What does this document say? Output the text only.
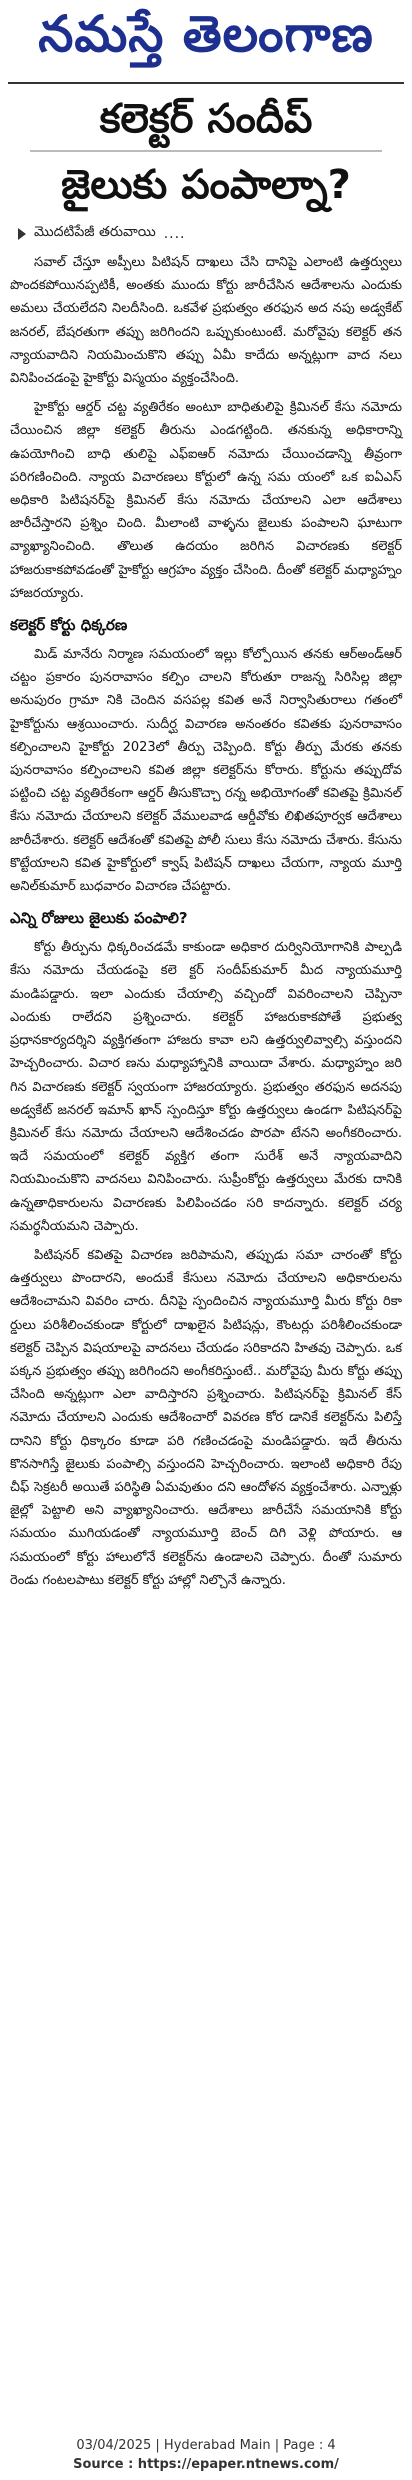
నమస్తే తెలంగాణ
కలెక్టర్ సందీప్
జైలుకు పంపాల్నా?
మొదటిపేజీ తరువాయి ....

సవాల్ చేస్తూ అప్పీలు పిటిషన్ దాఖలు చేసి దానిపై ఎలాంటి ఉత్తర్వులు పొందకపోయినప్పటికీ, అంతకు ముందు కోర్టు జారీచేసిన ఆదేశాలను ఎందుకు అమలు చేయలేదని నిలదీసింది. ఒకవేళ ప్రభుత్వం తరఫున అద నపు అడ్వకేట్ జనరల్, బేషరతుగా తప్పు జరిగిందని ఒప్పుకుంటుంటే. మరోవైపు కలెక్టర్ తన న్యాయవాదిని నియమించుకొని తప్పు ఏమీ కాదేదు అన్నట్లుగా వాద నలు వినిపించడంపై హైకోర్టు విస్మయం వ్యక్తంచేసింది.

హైకోర్టు ఆర్డర్ చట్ట వ్యతిరేకం అంటూ బాధితులిపై క్రిమినల్ కేసు నమోదు చేయించిన జిల్లా కలెక్టర్ తీరును ఎండగట్టింది. తనకున్న అధికారాన్ని ఉపయోగించి బాధి తులిపై ఎఫ్ఐఆర్ నమోదు చేయించడాన్ని తీవ్రంగా పరిగణించింది. న్యాయ విచారణలు కోర్టులో ఉన్న సమ యంలో ఒక ఐఏఎస్ అధికారి పిటిషనర్‌పై క్రిమినల్ కేసు నమోదు చేయాలని ఎలా ఆదేశాలు జారీచేస్తారని ప్రశ్నిం చింది. మీలాంటి వాళ్ళను జైలుకు పంపాలని ఘాటుగా వ్యాఖ్యానించింది. తొలుత ఉదయం జరిగిన విచారణకు కలెక్టర్ హాజరుకాకపోవడంతో హైకోర్టు ఆగ్రహం వ్యక్తం చేసింది. దీంతో కలెక్టర్ మధ్యాహ్నం హాజరయ్యారు.

కలెక్టర్ కోర్టు ధిక్కరణ

మిడ్ మానేరు నిర్మాణ సమయంలో ఇల్లు కోల్పోయిన తనకు ఆర్‌అండ్‌ఆర్ చట్టం ప్రకారం పునరావాసం కల్పిం చాలని కోరుతూ రాజన్న సిరిసిల్ల జిల్లా అనుపురం గ్రామా నికి చెందిన వసపల్ల కవిత అనే నిర్వాసితురాలు గతంలో హైకోర్టును ఆశ్రయించారు. సుదీర్ఘ విచారణ అనంతరం కవితకు పునరావాసం కల్పించాలని హైకోర్టు 2023లో తీర్పు చెప్పింది. కోర్టు తీర్పు మేరకు తనకు పునరావాసం కల్పించాలని కవిత జిల్లా కలెక్టర్‌ను కోరారు. కోర్టును తప్పుదోవ పట్టించి చట్ట వ్యతిరేకంగా ఆర్డర్ తీసుకొచ్చా రన్న అభియోగంతో కవితపై క్రిమినల్ కేసు నమోదు చేయాలని కలెక్టర్ వేములవాడ ఆర్డీవోకు లిఖితపూర్వక ఆదేశాలు జారీచేశారు. కలెక్టర్ ఆదేశంతో కవితపై పోలీ సులు కేసు నమోదు చేశారు. కేసును కొట్టేయాలని కవిత హైకోర్టులో క్వాష్ పిటిషన్ దాఖలు చేయగా, న్యాయ మూర్తి అనిల్‌కుమార్ బుధవారం విచారణ చేపట్టారు.

ఎన్ని రోజులు జైలుకు పంపాలి?

కోర్టు తీర్పును ధిక్కరించడమే కాకుండా అధికార దుర్వినియోగానికి పాల్పడి కేసు నమోదు చేయడంపై కలె క్టర్ సందీప్‌కుమార్ మీద న్యాయమూర్తి మండిపడ్డారు. ఇలా ఎందుకు చేయాల్సి వచ్చిందో వివరించాలని చెప్పినా ఎందుకు రాలేదని ప్రశ్నించారు. కలెక్టర్ హాజరుకాకపోతే ప్రభుత్వ ప్రధానకార్యదర్శిని వ్యక్తిగతంగా హాజరు కావా లని ఉత్తర్వులివ్వాల్సి వస్తుందని హెచ్చరించారు. విచార ణను మధ్యాహ్నానికి వాయిదా వేశారు. మధ్యాహ్నం జరి గిన విచారణకు కలెక్టర్ స్వయంగా హాజరయ్యారు. ప్రభుత్వం తరఫున అదనపు అడ్వకేట్ జనరల్ ఇమాన్ ఖాన్ స్పందిస్తూ కోర్టు ఉత్తర్వులు ఉండగా పిటిషనర్‌పై క్రిమినల్ కేసు నమోదు చేయాలని ఆదేశించడం పొరపా టేనని అంగీకరించారు. ఇదే సమయంలో కలెక్టర్ వ్యక్తిగ తంగా సురేశ్‌ అనే న్యాయవాదిని నియమించుకొని వాదనలు వినిపించారు. సుప్రీంకోర్టు ఉత్తర్వులు మేరకు దానికి ఉన్నతాధికారులను విచారణకు పిలిపించడం సరి కాదన్నారు. కలెక్టర్ చర్య సమర్థనీయమని చెప్పారు.

పిటిషనర్ కవితపై విచారణ జరిపామని, తప్పుడు సమా చారంతో కోర్టు ఉత్తర్వులు పొందారని, అందుకే కేసులు నమోదు చేయాలని అధికారులను ఆదేశించామని వివరిం చారు. దీనిపై స్పందించిన న్యాయమూర్తి మీరు కోర్టు రికా ర్డులు పరిశీలించకుండా కోర్టులో దాఖలైన పిటిషన్లు, కౌంటర్లు పరిశీలించకుండా కలెక్టర్ చెప్పిన విషయాలపై వాదనలు చేయడం సరికాదని హితవు చెప్పారు. ఒక పక్కన ప్రభుత్వం తప్పు జరిగిందని అంగీకరిస్తుంటే.. మరోవైపు మీరు కోర్టు తప్పు చేసింది అన్నట్లుగా ఎలా వాదిస్తారని ప్రశ్నించారు. పిటిషనర్‌పై క్రిమినల్ కేస్ నమోదు చేయాలని ఎందుకు ఆదేశించారో వివరణ కోర డానికే కలెక్టర్‌ను పిలిస్తే దానిని కోర్టు ధిక్కారం కూడా పరి గణించడంపై మండిపడ్డారు. ఇదే తీరును కొనసాగిస్తే జైలుకు పంపాల్సి వస్తుందని హెచ్చరించారు. ఇలాంటి అధికారి రేపు చీఫ్ సెక్రటరీ అయితే పరిస్థితి ఏమవుతుం దని ఆందోళన వ్యక్తంచేశారు. ఎన్నాళ్లు జైల్లో పెట్టాలి అని వ్యాఖ్యానించారు. ఆదేశాలు జారీచేసే సమయానికి కోర్టు సమయం ముగియడంతో న్యాయమూర్తి బెంచ్ దిగి వెళ్లి పోయారు. ఆ సమయంలో కోర్టు హాలులోనే కలెక్టర్‌ను ఉండాలని చెప్పారు. దీంతో సుమారు రెండు గంటలపాటు కలెక్టర్ కోర్టు హాల్లో నిల్చొనే ఉన్నారు.

03/04/2025 | Hyderabad Main | Page : 4
Source : https://epaper.ntnews.com/
